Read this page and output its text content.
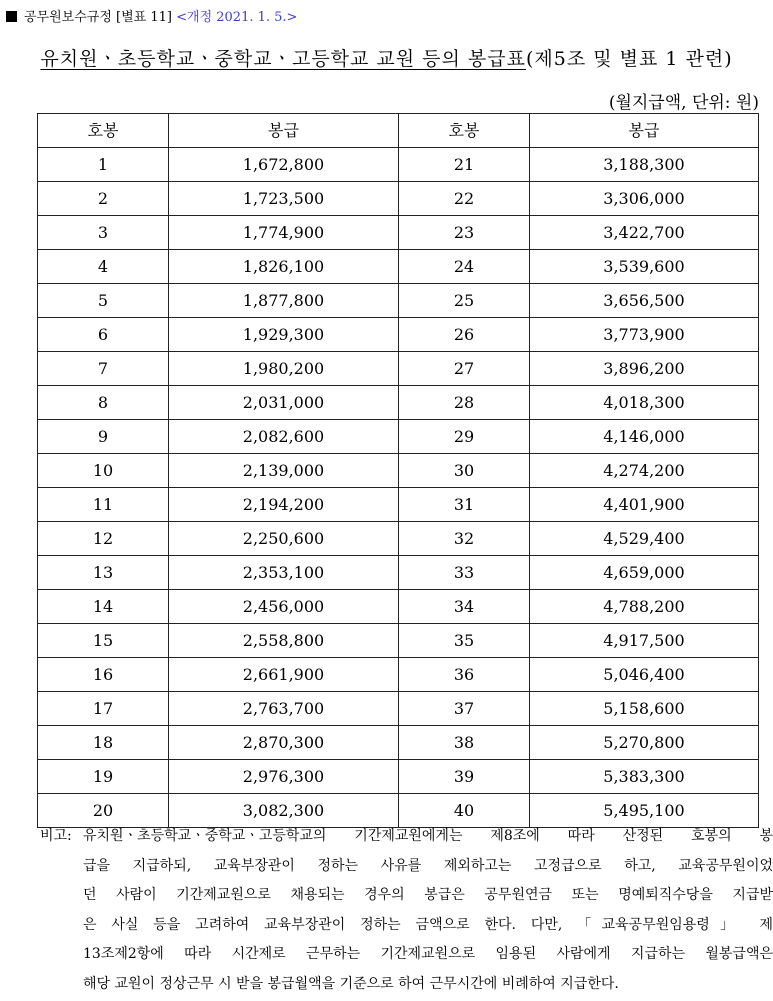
공무원보수규정 [별표 11] <개정 2021. 1. 5.>
유치원ㆍ초등학교ㆍ중학교ㆍ고등학교 교원 등의 봉급표(제5조 및 별표 1 관련)
(월지급액, 단위: 원)
호봉	봉급	호봉	봉급
1	1,672,800	21	3,188,300
2	1,723,500	22	3,306,000
3	1,774,900	23	3,422,700
4	1,826,100	24	3,539,600
5	1,877,800	25	3,656,500
6	1,929,300	26	3,773,900
7	1,980,200	27	3,896,200
8	2,031,000	28	4,018,300
9	2,082,600	29	4,146,000
10	2,139,000	30	4,274,200
11	2,194,200	31	4,401,900
12	2,250,600	32	4,529,400
13	2,353,100	33	4,659,000
14	2,456,000	34	4,788,200
15	2,558,800	35	4,917,500
16	2,661,900	36	5,046,400
17	2,763,700	37	5,158,600
18	2,870,300	38	5,270,800
19	2,976,300	39	5,383,300
20	3,082,300	40	5,495,100
비고: 유치원ㆍ초등학교ㆍ중학교ㆍ고등학교의 기간제교원에게는 제8조에 따라 산정된 호봉의 봉
급을 지급하되, 교육부장관이 정하는 사유를 제외하고는 고정급으로 하고, 교육공무원이었
던 사람이 기간제교원으로 채용되는 경우의 봉급은 공무원연금 또는 명예퇴직수당을 지급받
은 사실 등을 고려하여 교육부장관이 정하는 금액으로 한다. 다만, 「교육공무원임용령」 제
13조제2항에 따라 시간제로 근무하는 기간제교원으로 임용된 사람에게 지급하는 월봉급액은
해당 교원이 정상근무 시 받을 봉급월액을 기준으로 하여 근무시간에 비례하여 지급한다.
